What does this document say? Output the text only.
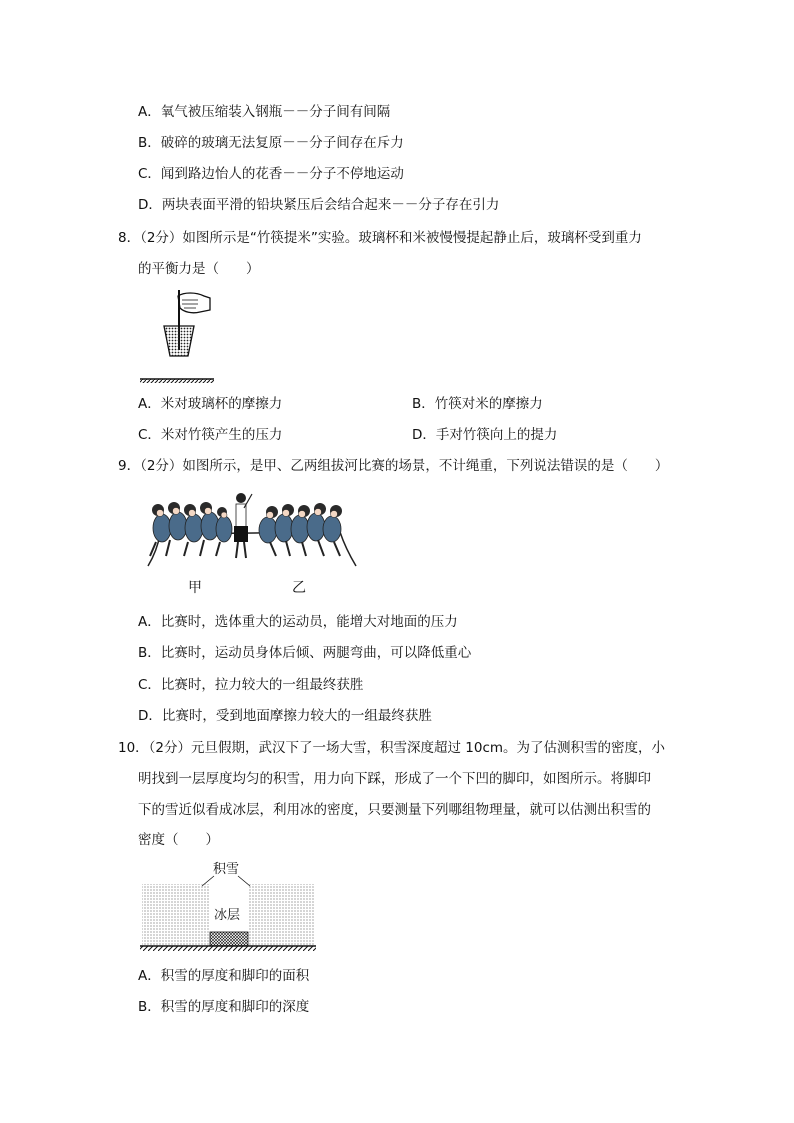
A．氧气被压缩装入钢瓶－－分子间有间隔
B．破碎的玻璃无法复原－－分子间存在斥力
C．闻到路边怡人的花香－－分子不停地运动
D．两块表面平滑的铅块紧压后会结合起来－－分子存在引力
8．（2分）如图所示是“竹筷提米”实验。玻璃杯和米被慢慢提起静止后，玻璃杯受到重力
的平衡力是（　　）
A．米对玻璃杯的摩擦力	B．竹筷对米的摩擦力
C．米对竹筷产生的压力	D．手对竹筷向上的提力
9．（2分）如图所示，是甲、乙两组拔河比赛的场景，不计绳重，下列说法错误的是（　　）
甲	乙
A．比赛时，选体重大的运动员，能增大对地面的压力
B．比赛时，运动员身体后倾、两腿弯曲，可以降低重心
C．比赛时，拉力较大的一组最终获胜
D．比赛时，受到地面摩擦力较大的一组最终获胜
10．（2分）元旦假期，武汉下了一场大雪，积雪深度超过 10cm。为了估测积雪的密度，小
明找到一层厚度均匀的积雪，用力向下踩，形成了一个下凹的脚印，如图所示。将脚印
下的雪近似看成冰层，利用冰的密度，只要测量下列哪组物理量，就可以估测出积雪的
密度（　　）
积雪
冰层
A．积雪的厚度和脚印的面积
B．积雪的厚度和脚印的深度
